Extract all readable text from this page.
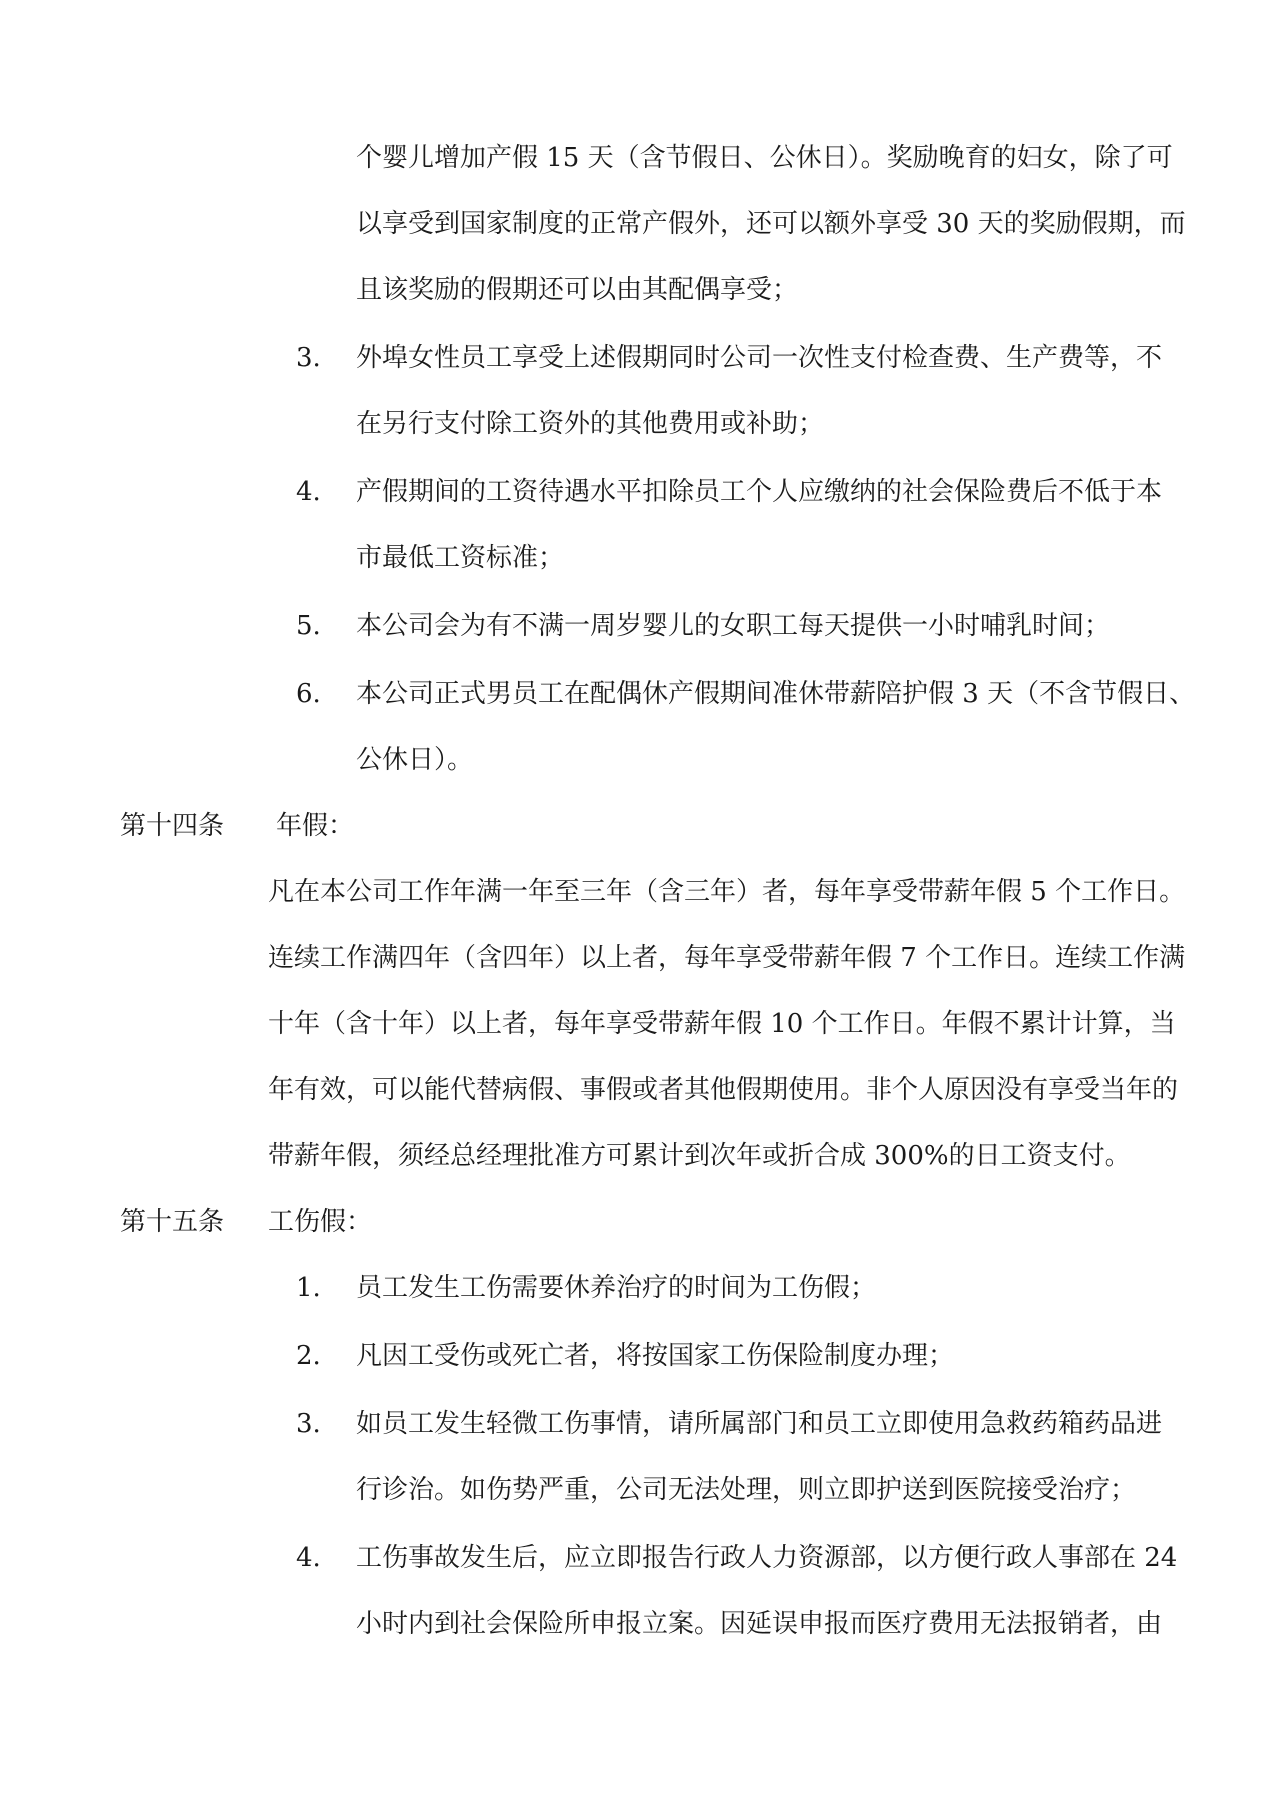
个婴儿增加产假 15 天（含节假日、公休日）。奖励晚育的妇女，除了可
以享受到国家制度的正常产假外，还可以额外享受 30 天的奖励假期，而
且该奖励的假期还可以由其配偶享受；
3. 外埠女性员工享受上述假期同时公司一次性支付检查费、生产费等，不
在另行支付除工资外的其他费用或补助；
4. 产假期间的工资待遇水平扣除员工个人应缴纳的社会保险费后不低于本
市最低工资标准；
5. 本公司会为有不满一周岁婴儿的女职工每天提供一小时哺乳时间；
6. 本公司正式男员工在配偶休产假期间准休带薪陪护假 3 天（不含节假日、
公休日）。
第十四条 年假：
凡在本公司工作年满一年至三年（含三年）者，每年享受带薪年假 5 个工作日。
连续工作满四年（含四年）以上者，每年享受带薪年假 7 个工作日。连续工作满
十年（含十年）以上者，每年享受带薪年假 10 个工作日。年假不累计计算，当
年有效，可以能代替病假、事假或者其他假期使用。非个人原因没有享受当年的
带薪年假，须经总经理批准方可累计到次年或折合成 300%的日工资支付。
第十五条 工伤假：
1. 员工发生工伤需要休养治疗的时间为工伤假；
2. 凡因工受伤或死亡者，将按国家工伤保险制度办理；
3. 如员工发生轻微工伤事情，请所属部门和员工立即使用急救药箱药品进
行诊治。如伤势严重，公司无法处理，则立即护送到医院接受治疗；
4. 工伤事故发生后，应立即报告行政人力资源部，以方便行政人事部在 24
小时内到社会保险所申报立案。因延误申报而医疗费用无法报销者，由
